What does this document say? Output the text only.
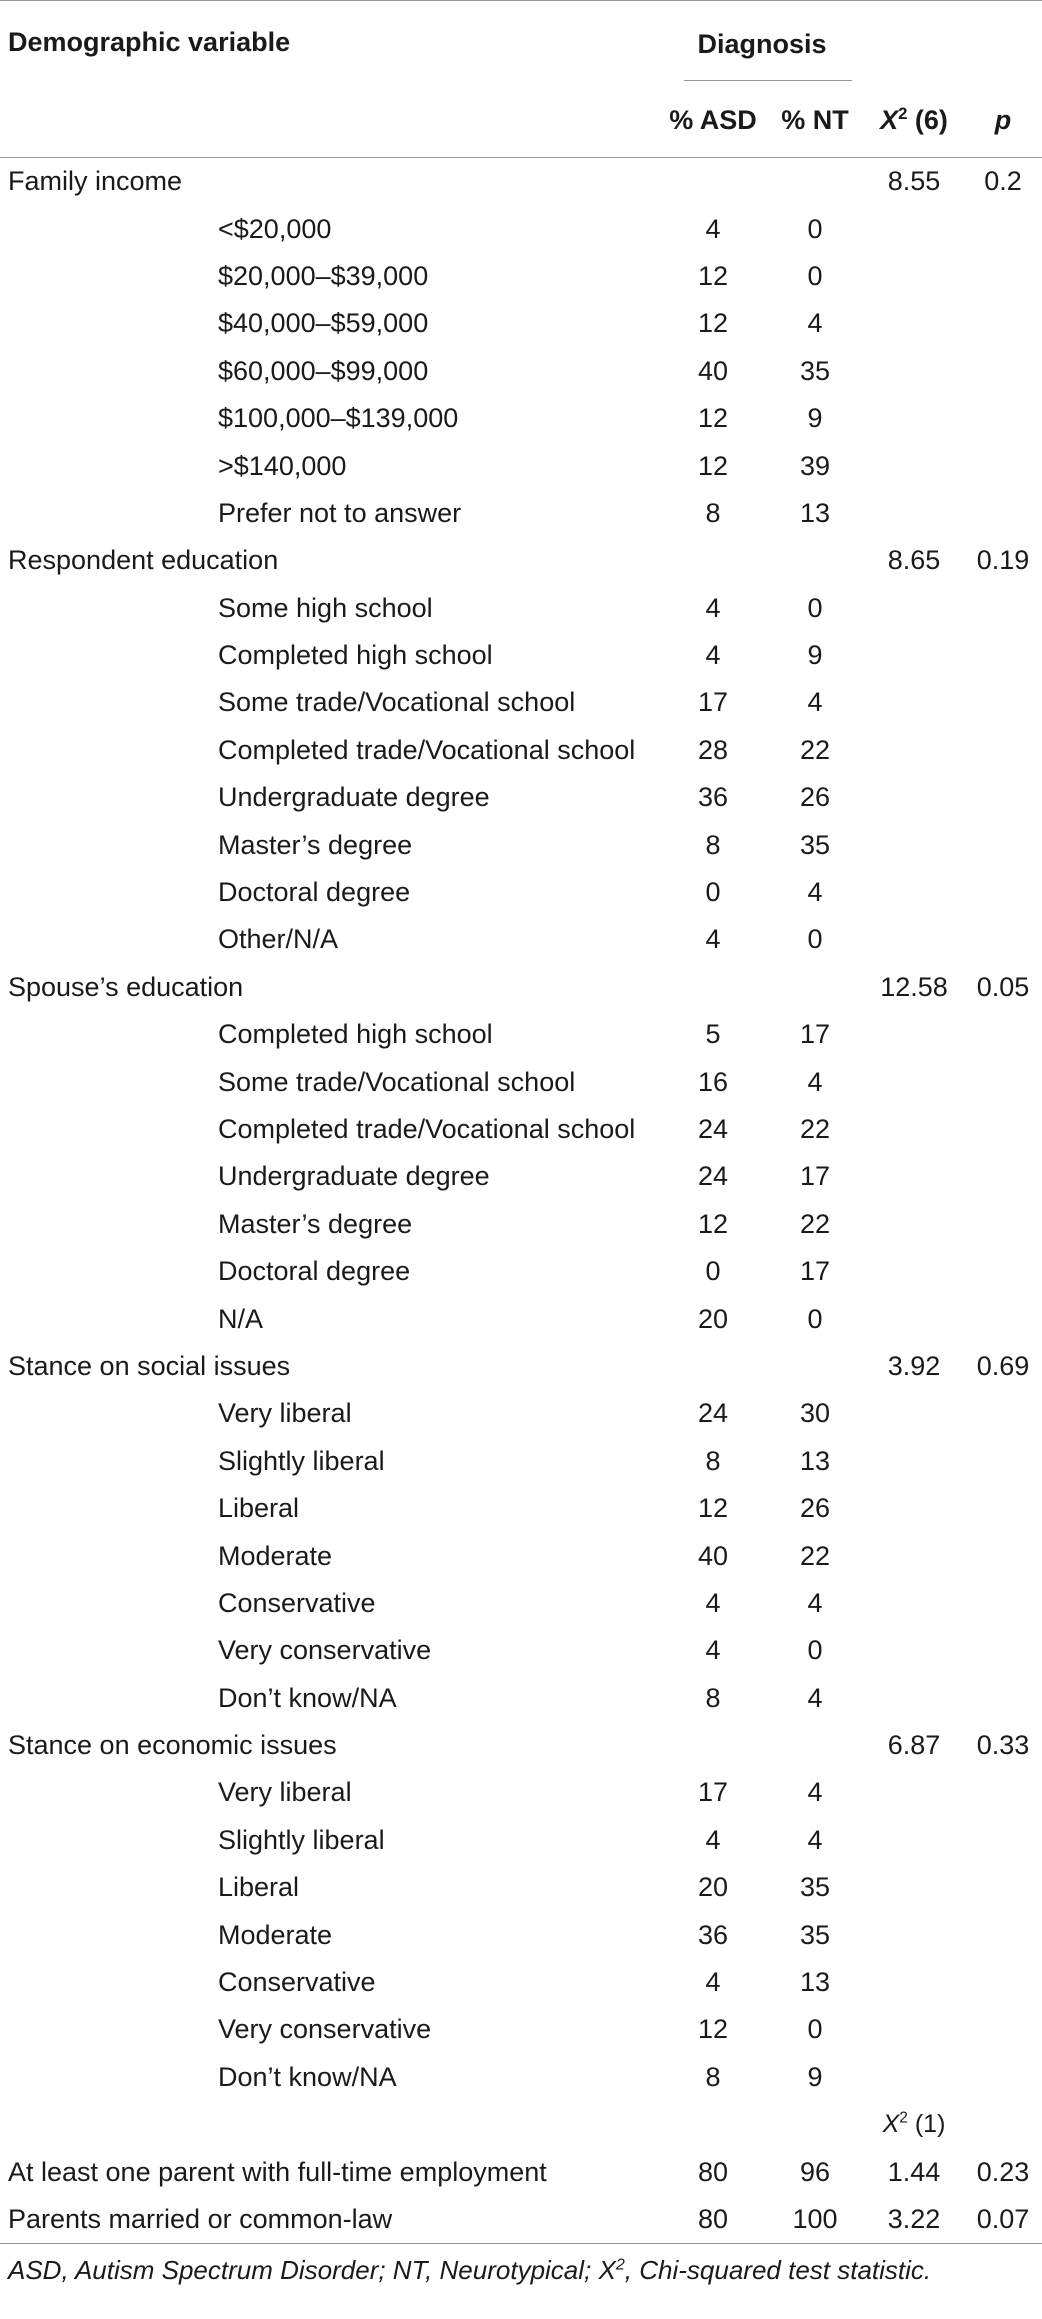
Demographic variable	Diagnosis			

	% ASD	% NT	$X^2$ (6)	p
Family income			8.55	0.2
<$20,000	4	0		
$20,000–$39,000	12	0		
$40,000–$59,000	12	4		
$60,000–$99,000	40	35		
$100,000–$139,000	12	9		
>$140,000	12	39		
Prefer not to answer	8	13		
Respondent education			8.65	0.19
Some high school	4	0		
Completed high school	4	9		
Some trade/Vocational school	17	4		
Completed trade/Vocational school	28	22		
Undergraduate degree	36	26		
Master’s degree	8	35		
Doctoral degree	0	4		
Other/N/A	4	0		
Spouse’s education			12.58	0.05
Completed high school	5	17		
Some trade/Vocational school	16	4		
Completed trade/Vocational school	24	22		
Undergraduate degree	24	17		
Master’s degree	12	22		
Doctoral degree	0	17		
N/A	20	0		
Stance on social issues			3.92	0.69
Very liberal	24	30		
Slightly liberal	8	13		
Liberal	12	26		
Moderate	40	22		
Conservative	4	4		
Very conservative	4	0		
Don’t know/NA	8	4		
Stance on economic issues			6.87	0.33
Very liberal	17	4		
Slightly liberal	4	4		
Liberal	20	35		
Moderate	36	35		
Conservative	4	13		
Very conservative	12	0		
Don’t know/NA	8	9		
			$X^2$ (1)	
At least one parent with full-time employment	80	96	1.44	0.23
Parents married or common-law	80	100	3.22	0.07
ASD, Autism Spectrum Disorder; NT, Neurotypical; $X^2$, Chi-squared test statistic.
